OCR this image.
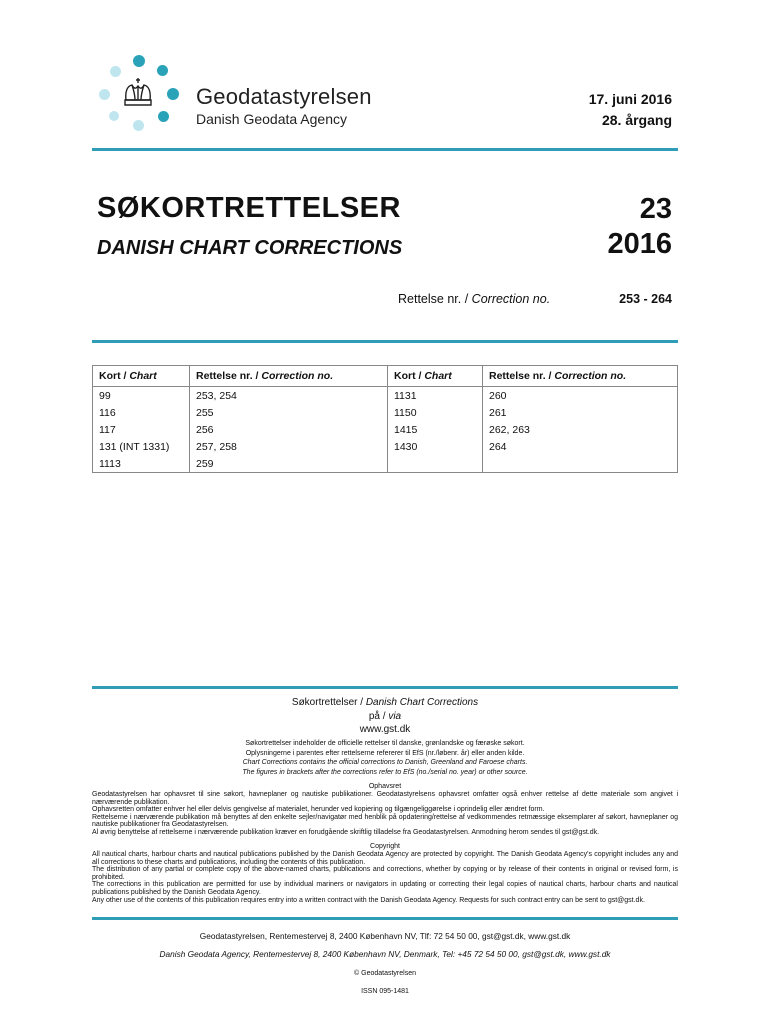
Geodatastyrelsen
Danish Geodata Agency
17. juni 2016
28. årgang
SØKORTRETTELSER
DANISH CHART CORRECTIONS
23
2016
Rettelse nr. / Correction no.	253 - 264
Kort / Chart	Rettelse nr. / Correction no.	Kort / Chart	Rettelse nr. / Correction no.
99	253, 254	1131	260
116	255	1150	261
117	256	1415	262, 263
131 (INT 1331)	257, 258	1430	264
1113	259		
Søkortrettelser / Danish Chart Corrections
på / via
www.gst.dk
Søkortrettelser indeholder de officielle rettelser til danske, grønlandske og færøske søkort.
Oplysningerne i parentes efter rettelserne refererer til EfS (nr./løbenr. år) eller anden kilde.
Chart Corrections contains the official corrections to Danish, Greenland and Faroese charts.
The figures in brackets after the corrections refer to EfS (no./serial no. year) or other source.
Ophavsret
Geodatastyrelsen har ophavsret til sine søkort, havneplaner og nautiske publikationer. Geodatastyrelsens ophavsret omfatter også enhver rettelse af dette materiale som angivet i nærværende publikation.
Ophavsretten omfatter enhver hel eller delvis gengivelse af materialet, herunder ved kopiering og tilgængeliggørelse i oprindelig eller ændret form.
Rettelserne i nærværende publikation må benyttes af den enkelte sejler/navigatør med henblik på opdatering/rettelse af vedkommendes retmæssige eksemplarer af søkort, havneplaner og nautiske publikationer fra Geodatastyrelsen.
Al øvrig benyttelse af rettelserne i nærværende publikation kræver en forudgående skriftlig tilladelse fra Geodatastyrelsen. Anmodning herom sendes til gst@gst.dk.
Copyright
All nautical charts, harbour charts and nautical publications published by the Danish Geodata Agency are protected by copyright. The Danish Geodata Agency's copyright includes any and all corrections to these charts and publications, including the contents of this publication.
The distribution of any partial or complete copy of the above-named charts, publications and corrections, whether by copying or by release of their contents in original or revised form, is prohibited.
The corrections in this publication are permitted for use by individual mariners or navigators in updating or correcting their legal copies of nautical charts, harbour charts and nautical publications published by the Danish Geodata Agency.
Any other use of the contents of this publication requires entry into a written contract with the Danish Geodata Agency. Requests for such contract entry can be sent to gst@gst.dk.
Geodatastyrelsen, Rentemestervej 8, 2400 København NV, Tlf: 72 54 50 00, gst@gst.dk, www.gst.dk
Danish Geodata Agency, Rentemestervej 8, 2400 København NV, Denmark, Tel: +45 72 54 50 00, gst@gst.dk, www.gst.dk
© Geodatastyrelsen
ISSN 095-1481
